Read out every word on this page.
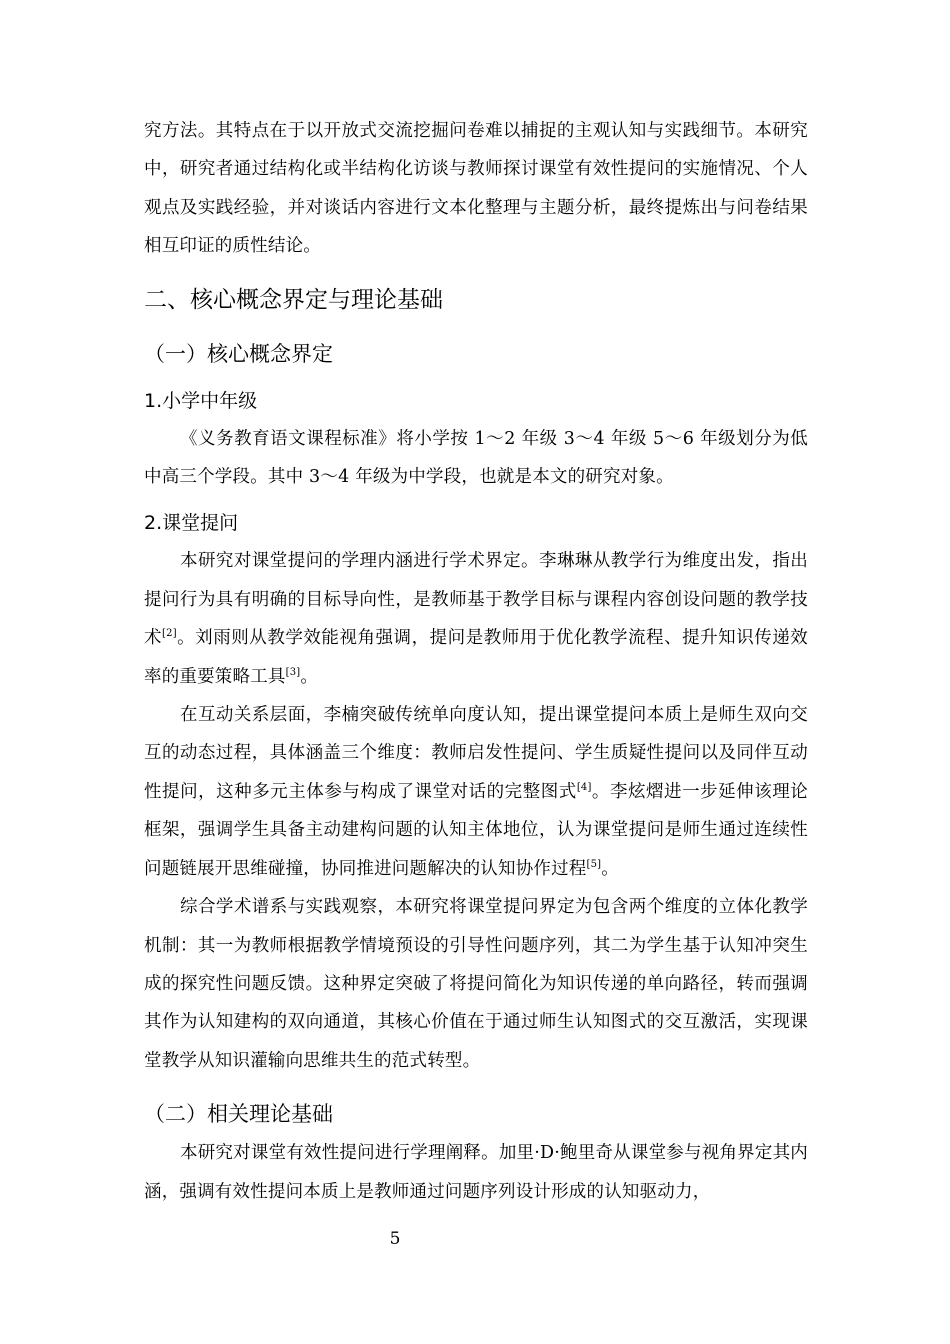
究方法。其特点在于以开放式交流挖掘问卷难以捕捉的主观认知与实践细节。本研究中，研究者通过结构化或半结构化访谈与教师探讨课堂有效性提问的实施情况、个人观点及实践经验，并对谈话内容进行文本化整理与主题分析，最终提炼出与问卷结果相互印证的质性结论。

二、核心概念界定与理论基础
（一）核心概念界定
1.小学中年级

《义务教育语文课程标准》将小学按 1～2 年级 3～4 年级 5～6 年级划分为低中高三个学段。其中 3～4 年级为中学段，也就是本文的研究对象。

2.课堂提问

本研究对课堂提问的学理内涵进行学术界定。李琳琳从教学行为维度出发，指出提问行为具有明确的目标导向性，是教师基于教学目标与课程内容创设问题的教学技术[2]。刘雨则从教学效能视角强调，提问是教师用于优化教学流程、提升知识传递效率的重要策略工具[3]。

在互动关系层面，李楠突破传统单向度认知，提出课堂提问本质上是师生双向交互的动态过程，具体涵盖三个维度：教师启发性提问、学生质疑性提问以及同伴互动性提问，这种多元主体参与构成了课堂对话的完整图式[4]。李炫熠进一步延伸该理论框架，强调学生具备主动建构问题的认知主体地位，认为课堂提问是师生通过连续性问题链展开思维碰撞，协同推进问题解决的认知协作过程[5]。

综合学术谱系与实践观察，本研究将课堂提问界定为包含两个维度的立体化教学机制：其一为教师根据教学情境预设的引导性问题序列，其二为学生基于认知冲突生成的探究性问题反馈。这种界定突破了将提问简化为知识传递的单向路径，转而强调其作为认知建构的双向通道，其核心价值在于通过师生认知图式的交互激活，实现课堂教学从知识灌输向思维共生的范式转型。

（二）相关理论基础

本研究对课堂有效性提问进行学理阐释。加里·D·鲍里奇从课堂参与视角界定其内涵，强调有效性提问本质上是教师通过问题序列设计形成的认知驱动力，

5
